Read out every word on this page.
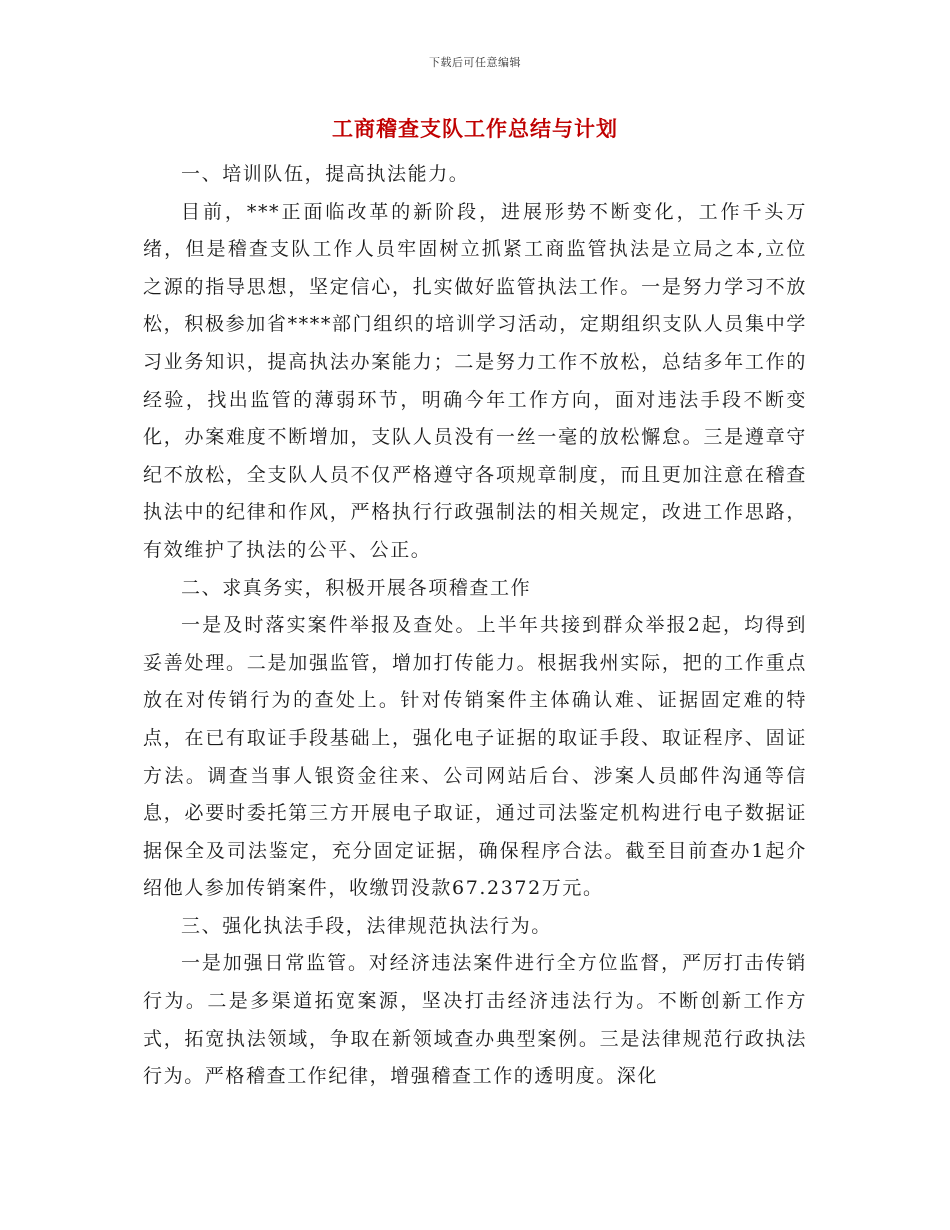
下载后可任意编辑
工商稽查支队工作总结与计划

一、培训队伍，提高执法能力。

目前，***正面临改革的新阶段，进展形势不断变化，工作千头万绪，但是稽查支队工作人员牢固树立抓紧工商监管执法是立局之本,立位之源的指导思想，坚定信心，扎实做好监管执法工作。一是努力学习不放松，积极参加省****部门组织的培训学习活动，定期组织支队人员集中学习业务知识，提高执法办案能力；二是努力工作不放松，总结多年工作的经验，找出监管的薄弱环节，明确今年工作方向，面对违法手段不断变化，办案难度不断增加，支队人员没有一丝一毫的放松懈怠。三是遵章守纪不放松，全支队人员不仅严格遵守各项规章制度，而且更加注意在稽查执法中的纪律和作风，严格执行行政强制法的相关规定，改进工作思路，有效维护了执法的公平、公正。

二、求真务实，积极开展各项稽查工作

一是及时落实案件举报及查处。上半年共接到群众举报2起，均得到妥善处理。二是加强监管，增加打传能力。根据我州实际，把的工作重点放在对传销行为的查处上。针对传销案件主体确认难、证据固定难的特点，在已有取证手段基础上，强化电子证据的取证手段、取证程序、固证方法。调查当事人银资金往来、公司网站后台、涉案人员邮件沟通等信息，必要时委托第三方开展电子取证，通过司法鉴定机构进行电子数据证据保全及司法鉴定，充分固定证据，确保程序合法。截至目前查办1起介绍他人参加传销案件，收缴罚没款67.2372万元。

三、强化执法手段，法律规范执法行为。

一是加强日常监管。对经济违法案件进行全方位监督，严厉打击传销行为。二是多渠道拓宽案源，坚决打击经济违法行为。不断创新工作方式，拓宽执法领域，争取在新领域查办典型案例。三是法律规范行政执法行为。严格稽查工作纪律，增强稽查工作的透明度。深化
